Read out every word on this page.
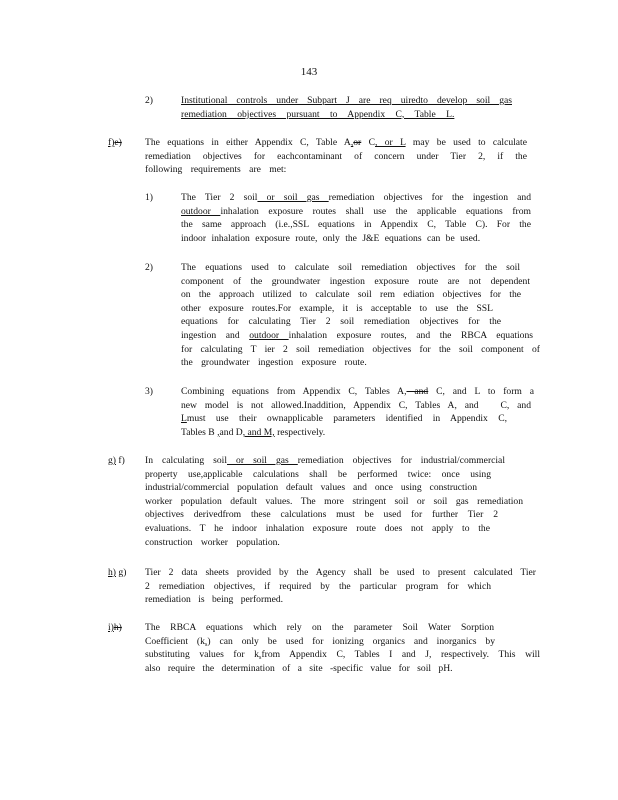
143
2)	Institutional controls under Subpart J are req uiredto develop soil gas
remediation objectives pursuant to Appendix C, Table L.
f)e) The equations in either Appendix C, Table A,or C, or L may be used to calculate
remediation objectives for eachcontaminant of concern under Tier 2, if the
following requirements are met:
1)	The Tier 2 soil or soil gas remediation objectives for the ingestion and
outdoor inhalation exposure routes shall use the applicable equations from
the same approach (i.e.,SSL equations in Appendix C, Table C). For the
indoor inhalation exposure route, only the J&E equations can be used.
2)	The equations used to calculate soil remediation objectives for the soil
component of the groundwater ingestion exposure route are not dependent
on the approach utilized to calculate soil rem ediation objectives for the
other exposure routes.For example, it is acceptable to use the SSL
equations for calculating Tier 2 soil remediation objectives for the
ingestion and outdoor inhalation exposure routes, and the RBCA equations
for calculating T ier 2 soil remediation objectives for the soil component of
the groundwater ingestion exposure route.
3)	Combining equations from Appendix C, Tables A, and C, and L to form a
new model is not allowed.Inaddition, Appendix C, Tables A, and C, and
Lmust use their ownapplicable parameters identified in Appendix C,
Tables B ,and D, and M, respectively.
g) f) In calculating soil or soil gas remediation objectives for industrial/commercial
property use,applicable calculations shall be performed twice: once using
industrial/commercial population default values and once using construction
worker population default values. The more stringent soil or soil gas remediation
objectives derivedfrom these calculations must be used for further Tier 2
evaluations. T he indoor inhalation exposure route does not apply to the
construction worker population.
h) g) Tier 2 data sheets provided by the Agency shall be used to present calculated Tier
2 remediation objectives, if required by the particular program for which
remediation is being performed.
i)h) The RBCA equations which rely on the parameter Soil Water Sorption
Coefficient $(k_s)$ can only be used for ionizing organics and inorganics by
substituting values for $k_sfrom$ Appendix C, Tables I and J, respectively. This will
also require the determination of a site -specific value for soil pH.
